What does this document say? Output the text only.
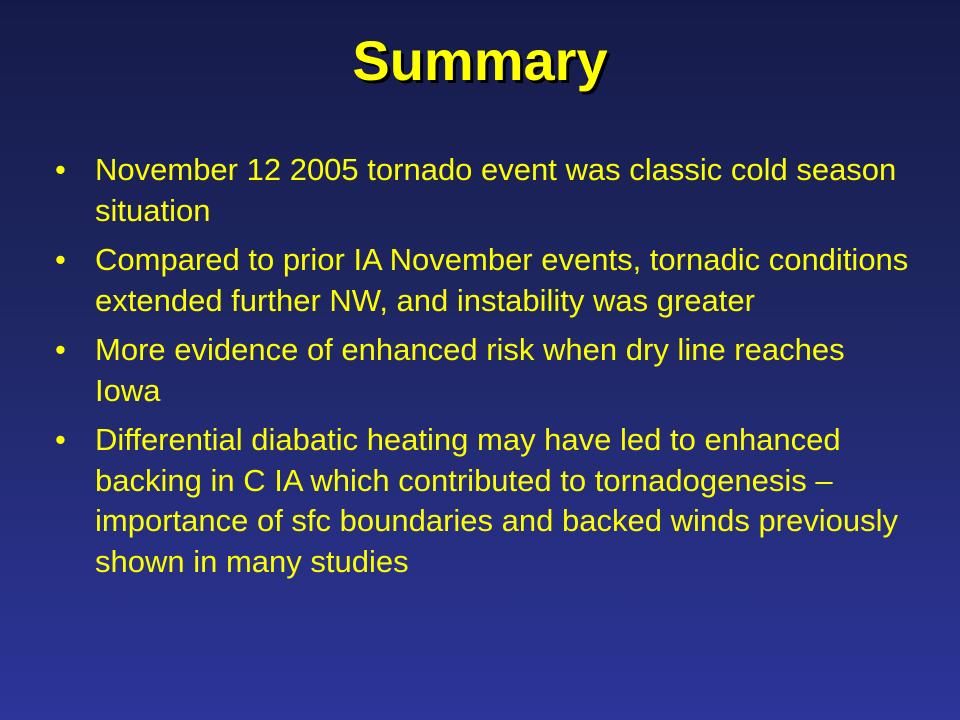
Summary
• November 12 2005 tornado event was classic cold season situation
• Compared to prior IA November events, tornadic conditions extended further NW, and instability was greater
• More evidence of enhanced risk when dry line reaches Iowa
• Differential diabatic heating may have led to enhanced backing in C IA which contributed to tornadogenesis – importance of sfc boundaries and backed winds previously shown in many studies
